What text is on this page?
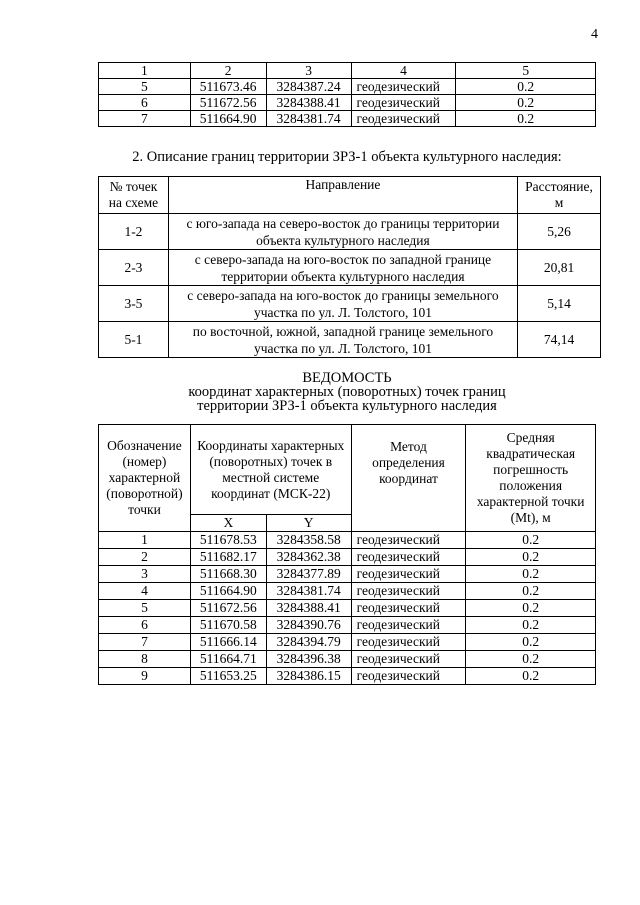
4
1	2	3	4	5
5	511673.46	3284387.24	геодезический	0.2
6	511672.56	3284388.41	геодезический	0.2
7	511664.90	3284381.74	геодезический	0.2
2. Описание границ территории ЗРЗ-1 объекта культурного наследия:
№ точек на схеме	Направление	Расстояние, м
1-2	с юго-запада на северо-восток до границы территории объекта культурного наследия	5,26
2-3	с северо-запада на юго-восток по западной границе территории объекта культурного наследия	20,81
3-5	с северо-запада на юго-восток до границы земельного участка по ул. Л. Толстого, 101	5,14
5-1	по восточной, южной, западной границе земельного участка по ул. Л. Толстого, 101	74,14
ВЕДОМОСТЬ
координат характерных (поворотных) точек границ
территории ЗРЗ-1 объекта культурного наследия
Обозначение (номер) характерной (поворотной) точки	Координаты характерных (поворотных) точек в местной системе координат (МСК-22)		Метод определения координат	Средняя квадратическая погрешность положения характерной точки (Mt), м
	X	Y		
1	511678.53	3284358.58	геодезический	0.2
2	511682.17	3284362.38	геодезический	0.2
3	511668.30	3284377.89	геодезический	0.2
4	511664.90	3284381.74	геодезический	0.2
5	511672.56	3284388.41	геодезический	0.2
6	511670.58	3284390.76	геодезический	0.2
7	511666.14	3284394.79	геодезический	0.2
8	511664.71	3284396.38	геодезический	0.2
9	511653.25	3284386.15	геодезический	0.2
